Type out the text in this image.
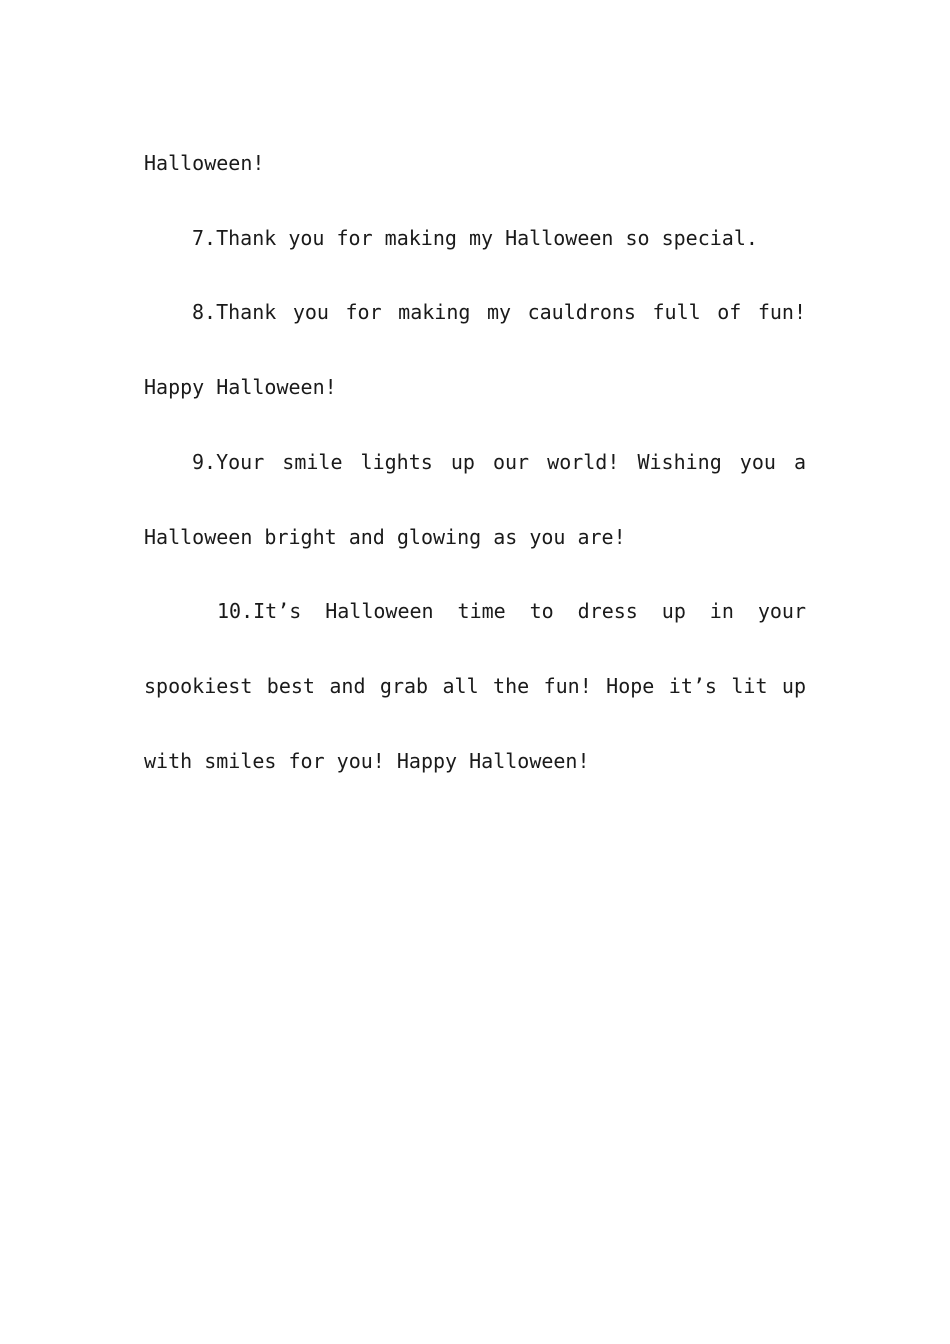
Halloween!

7.Thank you for making my Halloween so special.

8.Thank you for making my cauldrons full of fun! Happy Halloween!

9.Your smile lights up our world! Wishing you a Halloween bright and glowing as you are!

10.It’s Halloween time to dress up in your spookiest best and grab all the fun! Hope it’s lit up with smiles for you! Happy Halloween!
